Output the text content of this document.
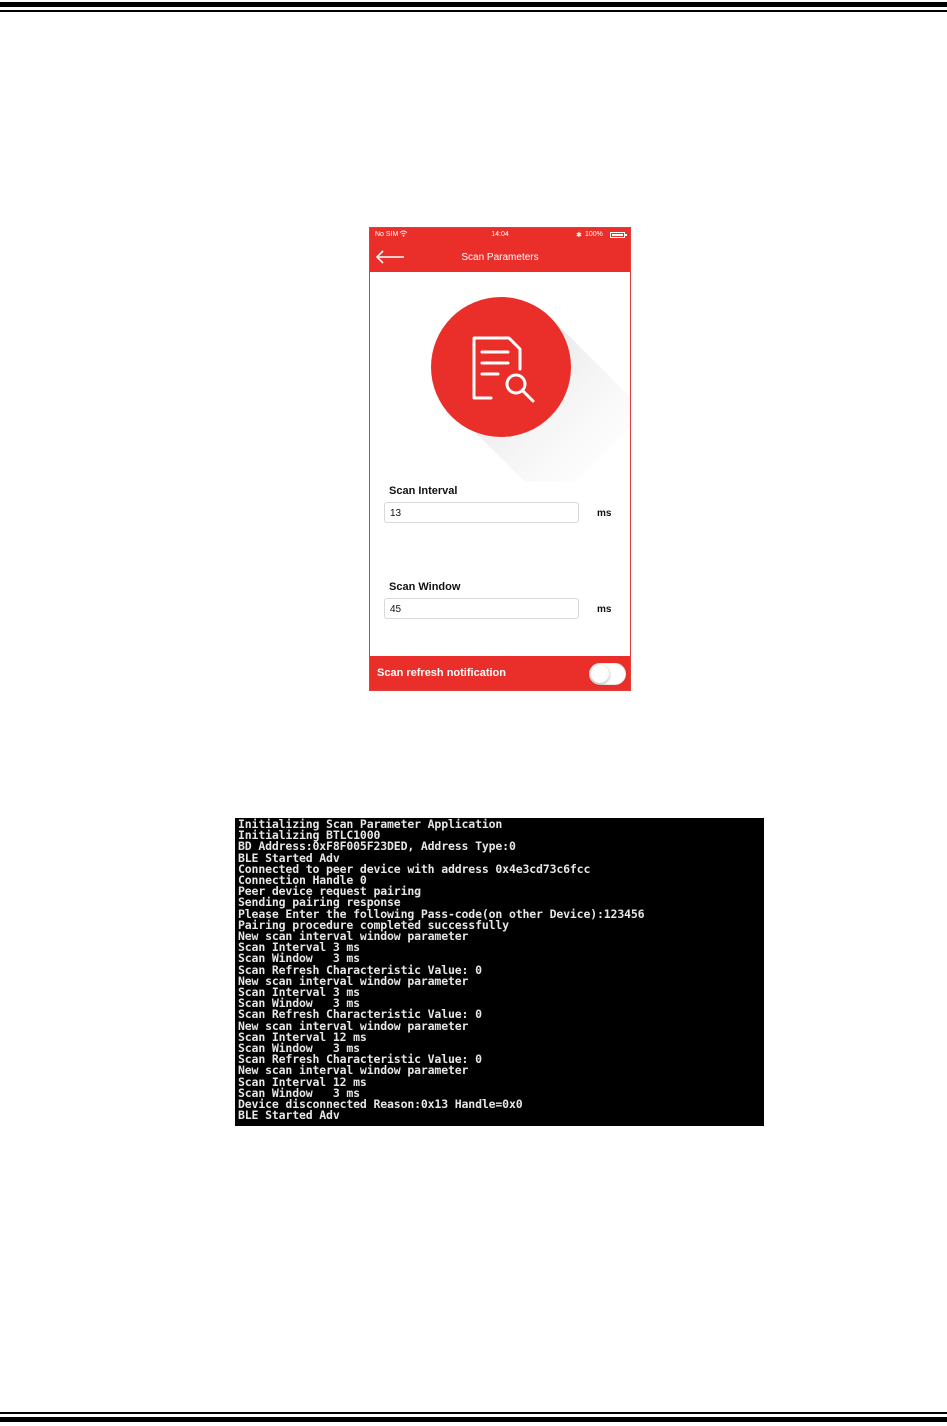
No SIM	14:04	✱ 100%
Scan Parameters
Scan Interval
13	ms
Scan Window
45	ms
Scan refresh notification
Initializing Scan Parameter Application
Initializing BTLC1000
BD Address:0xF8F005F23DED, Address Type:0
BLE Started Adv
Connected to peer device with address 0x4e3cd73c6fcc
Connection Handle 0
Peer device request pairing
Sending pairing response
Please Enter the following Pass-code(on other Device):123456
Pairing procedure completed successfully
New scan interval window parameter
Scan Interval 3 ms
Scan Window   3 ms
Scan Refresh Characteristic Value: 0
New scan interval window parameter
Scan Interval 3 ms
Scan Window   3 ms
Scan Refresh Characteristic Value: 0
New scan interval window parameter
Scan Interval 12 ms
Scan Window   3 ms
Scan Refresh Characteristic Value: 0
New scan interval window parameter
Scan Interval 12 ms
Scan Window   3 ms
Device disconnected Reason:0x13 Handle=0x0
BLE Started Adv
